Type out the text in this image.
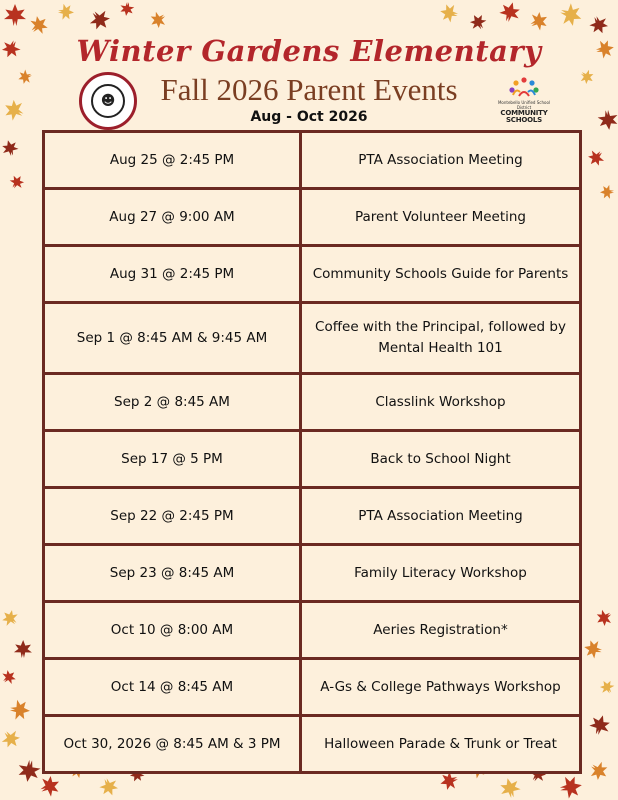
☻	Montebello Unified School District
COMMUNITY SCHOOLS
Winter Gardens Elementary
Fall 2026 Parent Events
Aug - Oct 2026
Aug 25 @ 2:45 PM	PTA Association Meeting
Aug 27 @ 9:00 AM	Parent Volunteer Meeting
Aug 31 @ 2:45 PM	Community Schools Guide for Parents
Sep 1 @ 8:45 AM & 9:45 AM	Coffee with the Principal, followed by Mental Health 101
Sep 2 @ 8:45 AM	Classlink Workshop
Sep 17 @ 5 PM	Back to School Night
Sep 22 @ 2:45 PM	PTA Association Meeting
Sep 23 @ 8:45 AM	Family Literacy Workshop
Oct 10 @ 8:00 AM	Aeries Registration*
Oct 14 @ 8:45 AM	A-Gs & College Pathways Workshop
Oct 30, 2026 @ 8:45 AM & 3 PM	Halloween Parade & Trunk or Treat
